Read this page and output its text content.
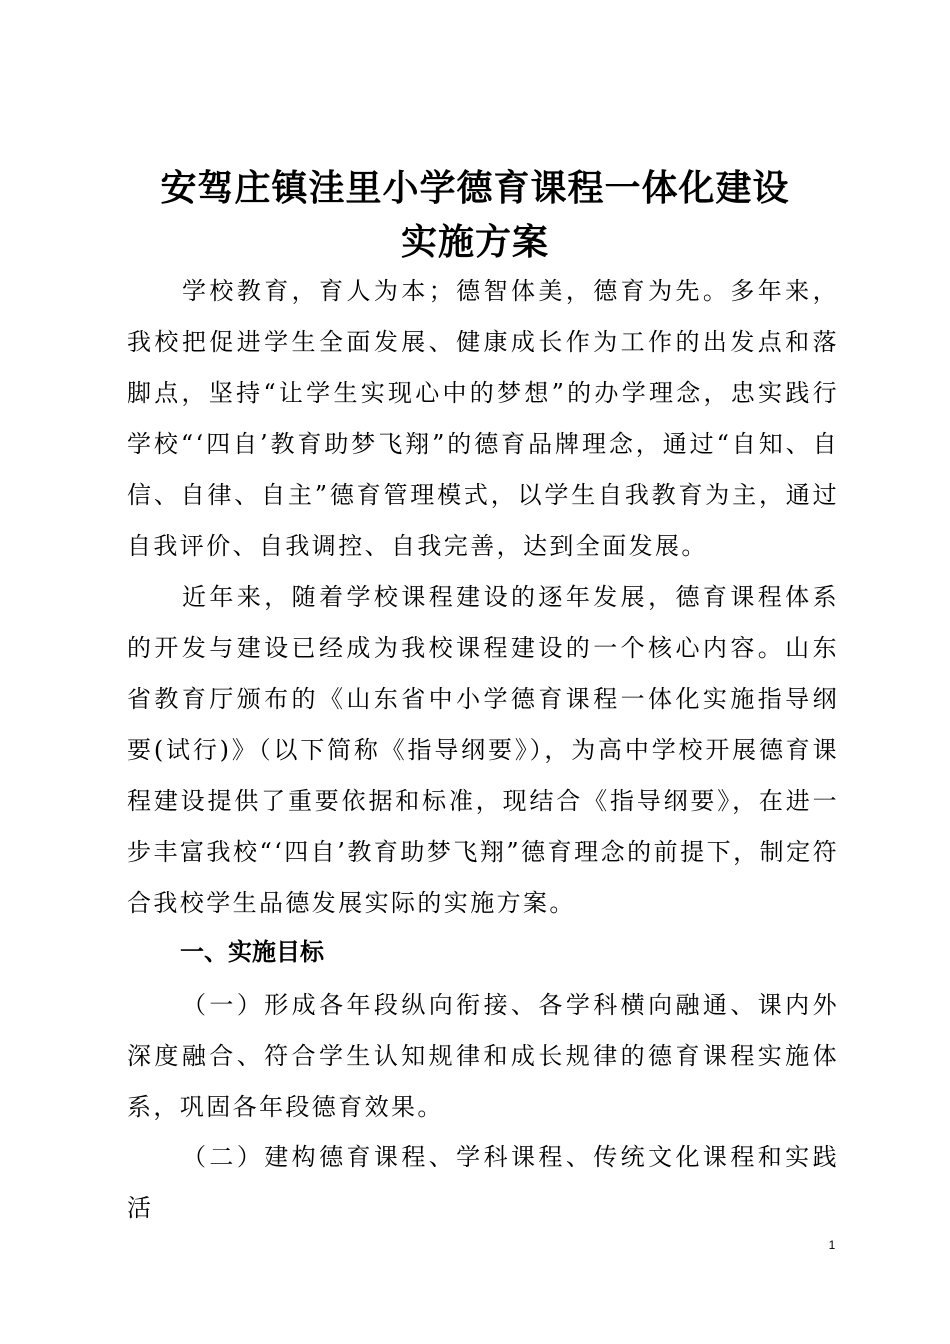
安驾庄镇洼里小学德育课程一体化建设
实施方案

学校教育，育人为本；德智体美，德育为先。多年来，我校把促进学生全面发展、健康成长作为工作的出发点和落脚点，坚持“让学生实现心中的梦想”的办学理念，忠实践行学校“‘四自’教育助梦飞翔”的德育品牌理念，通过“自知、自信、自律、自主”德育管理模式，以学生自我教育为主，通过自我评价、自我调控、自我完善，达到全面发展。

近年来，随着学校课程建设的逐年发展，德育课程体系的开发与建设已经成为我校课程建设的一个核心内容。山东省教育厅颁布的《山东省中小学德育课程一体化实施指导纲要(试行)》（以下简称《指导纲要》），为高中学校开展德育课程建设提供了重要依据和标准，现结合《指导纲要》，在进一步丰富我校“‘四自’教育助梦飞翔”德育理念的前提下，制定符合我校学生品德发展实际的实施方案。

一、实施目标

（一）形成各年段纵向衔接、各学科横向融通、课内外深度融合、符合学生认知规律和成长规律的德育课程实施体系，巩固各年段德育效果。

（二）建构德育课程、学科课程、传统文化课程和实践活

1
